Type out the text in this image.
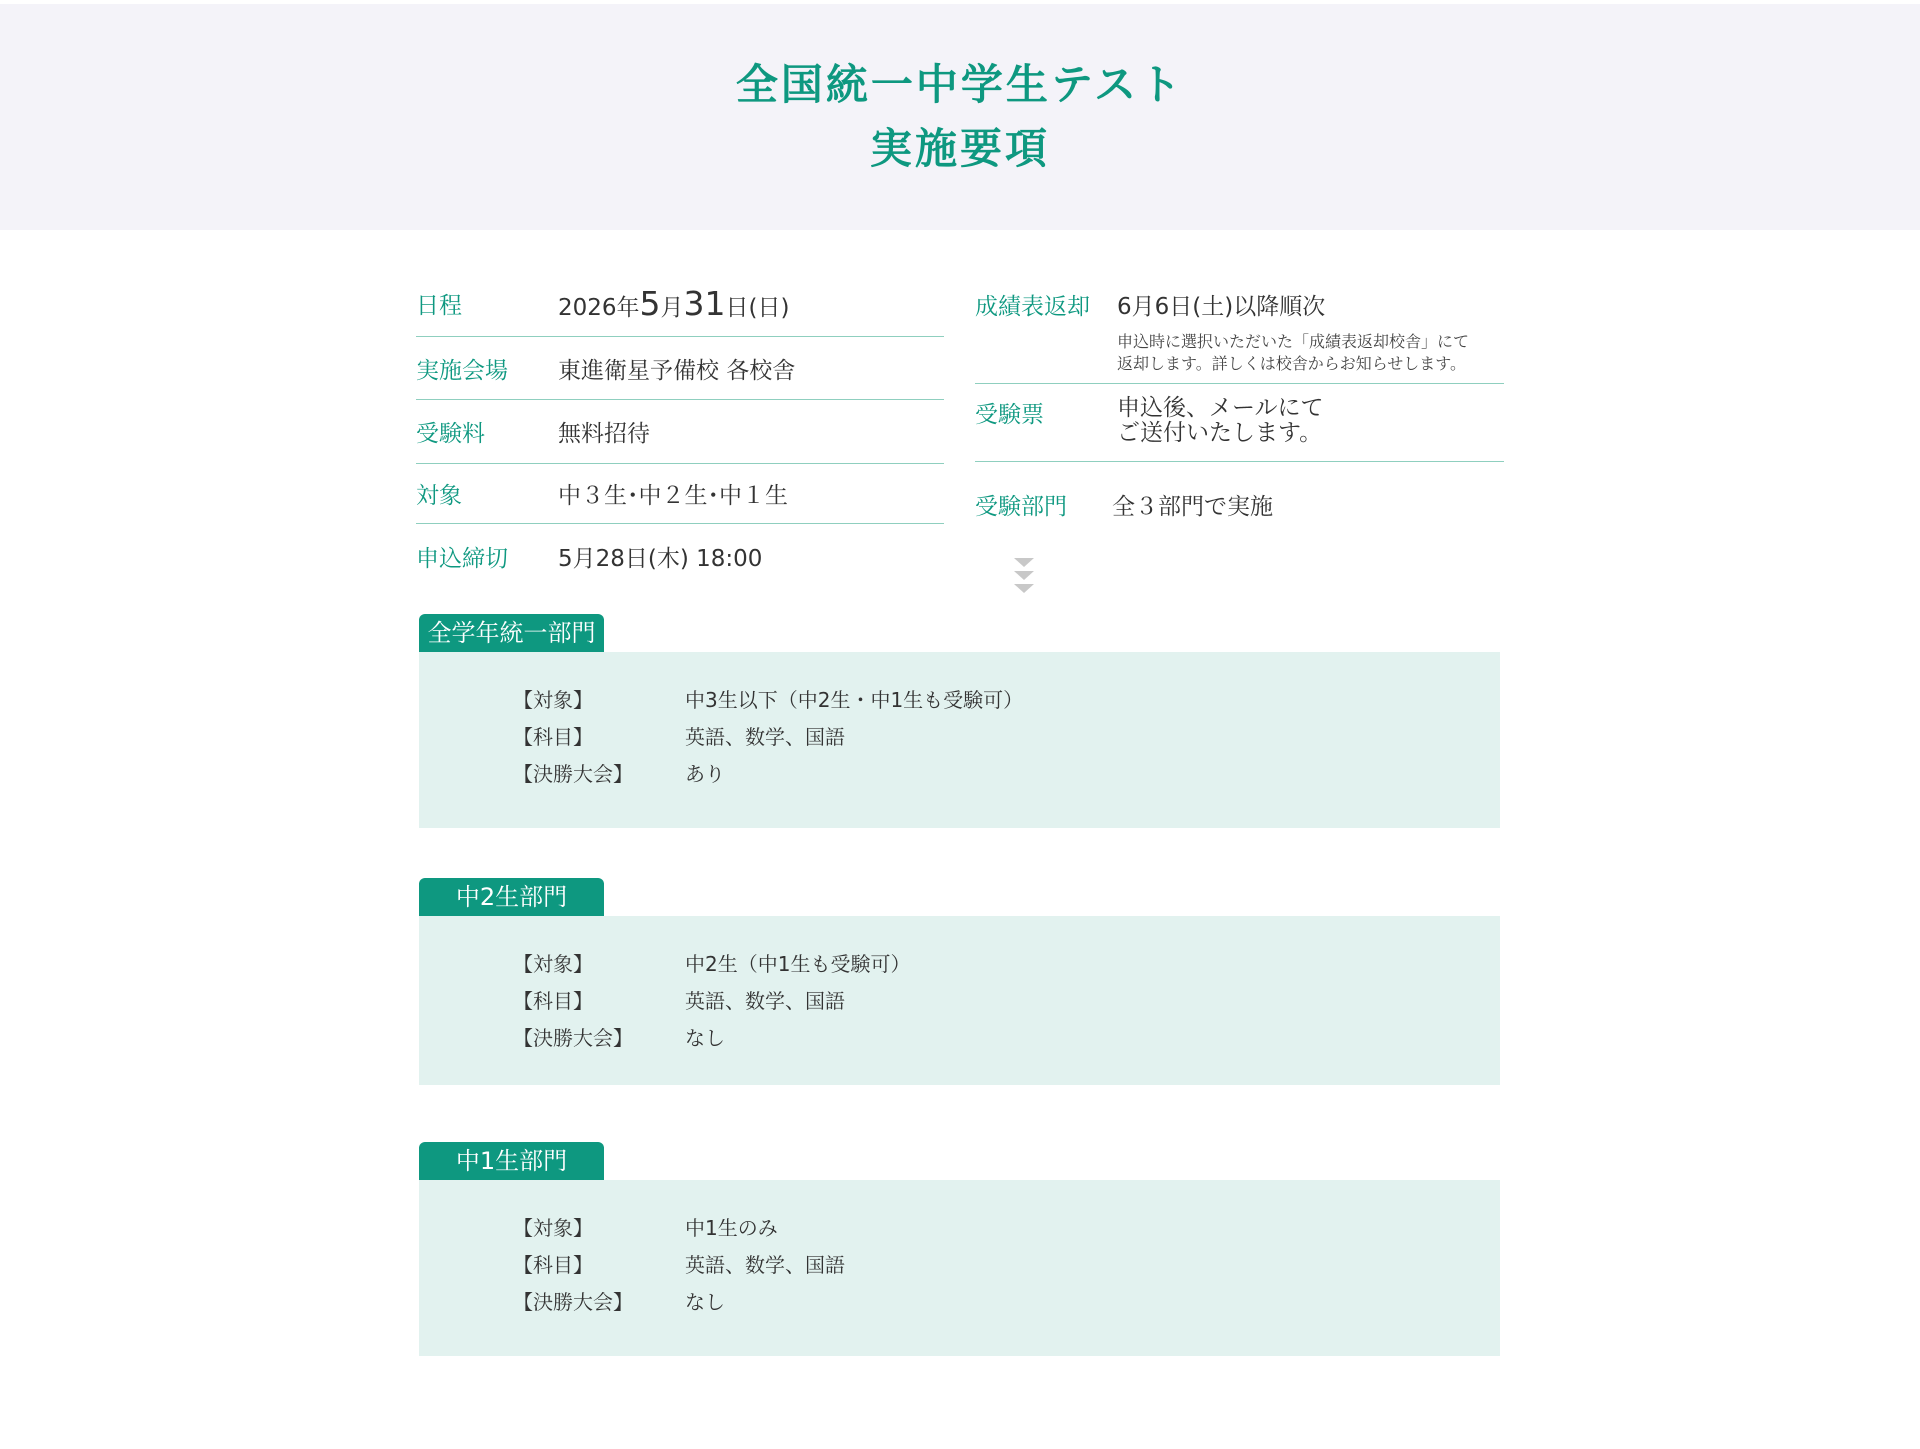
全国統一中学生テスト
実施要項
日程	2026年5月31日(日)
実施会場	東進衛星予備校 各校舎
受験料	無料招待
対象	中３生･中２生･中１生
申込締切	5月28日(木) 18:00
成績表返却	6月6日(土)以降順次
申込時に選択いただいた「成績表返却校舎」にて
返却します。詳しくは校舎からお知らせします。
受験票	申込後、メールにて
ご送付いたします。
受験部門	全３部門で実施
全学年統一部門
【対象】	中3生以下（中2生・中1生も受験可）
【科目】	英語、数学、国語
【決勝大会】	あり
中2生部門
【対象】	中2生（中1生も受験可）
【科目】	英語、数学、国語
【決勝大会】	なし
中1生部門
【対象】	中1生のみ
【科目】	英語、数学、国語
【決勝大会】	なし
